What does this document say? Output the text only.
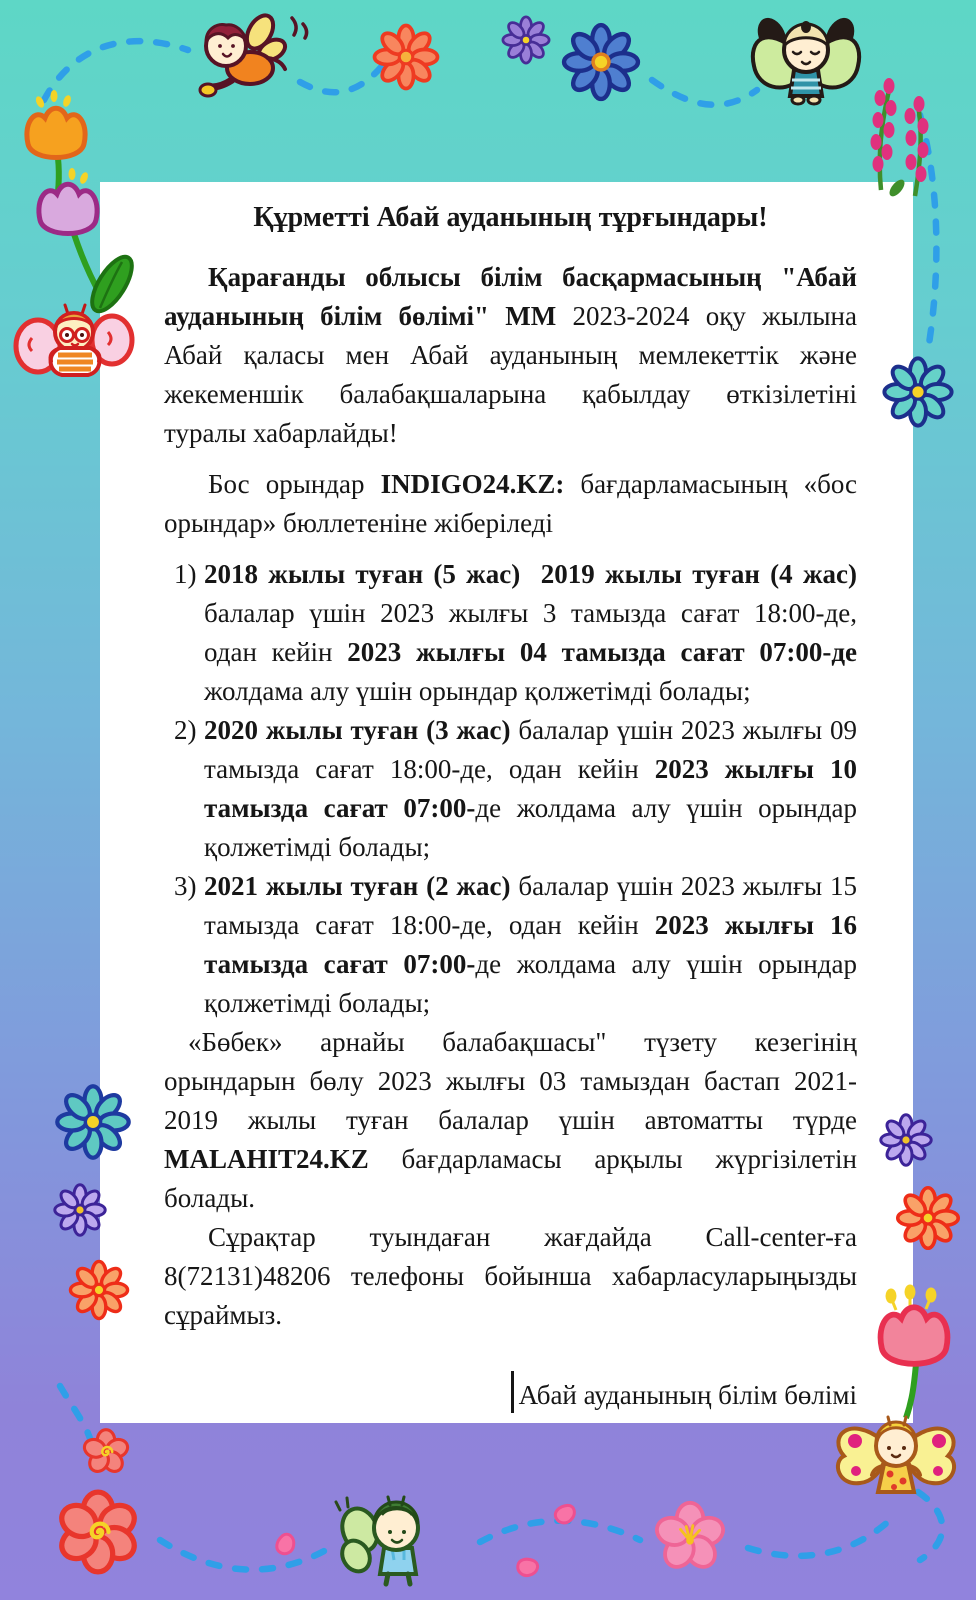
Құрметті Абай ауданының тұрғындары!

Қарағанды облысы білім басқармасының "Абай ауданының білім бөлімі" ММ 2023-2024 оқу жылына Абай қаласы мен Абай ауданының мемлекеттік және жекеменшік балабақшаларына қабылдау өткізілетіні туралы хабарлайды!

Бос орындар INDIGO24.KZ: бағдарламасының «бос орындар» бюллетеніне жіберіледі

1) 2018 жылы туған (5 жас)  2019 жылы туған (4 жас) балалар үшін 2023 жылғы 3 тамызда сағат 18:00-де, одан кейін 2023 жылғы 04 тамызда сағат 07:00-де жолдама алу үшін орындар қолжетімді болады;
2) 2020 жылы туған (3 жас) балалар үшін 2023 жылғы 09 тамызда сағат 18:00-де, одан кейін 2023 жылғы 10 тамызда сағат 07:00-де жолдама алу үшін орындар қолжетімді болады;
3) 2021 жылы туған (2 жас) балалар үшін 2023 жылғы 15 тамызда сағат 18:00-де, одан кейін 2023 жылғы 16 тамызда сағат 07:00-де жолдама алу үшін орындар қолжетімді болады;

«Бөбек» арнайы балабақшасы" түзету кезегінің орындарын бөлу 2023 жылғы 03 тамыздан бастап 2021-2019 жылы туған балалар үшін автоматты түрде MALAHIT24.KZ бағдарламасы арқылы жүргізілетін болады.

Сұрақтар туындаған жағдайда Call-center-ға 8(72131)48206 телефоны бойынша хабарласуларыңызды сұраймыз.

Абай ауданының білім бөлімі
